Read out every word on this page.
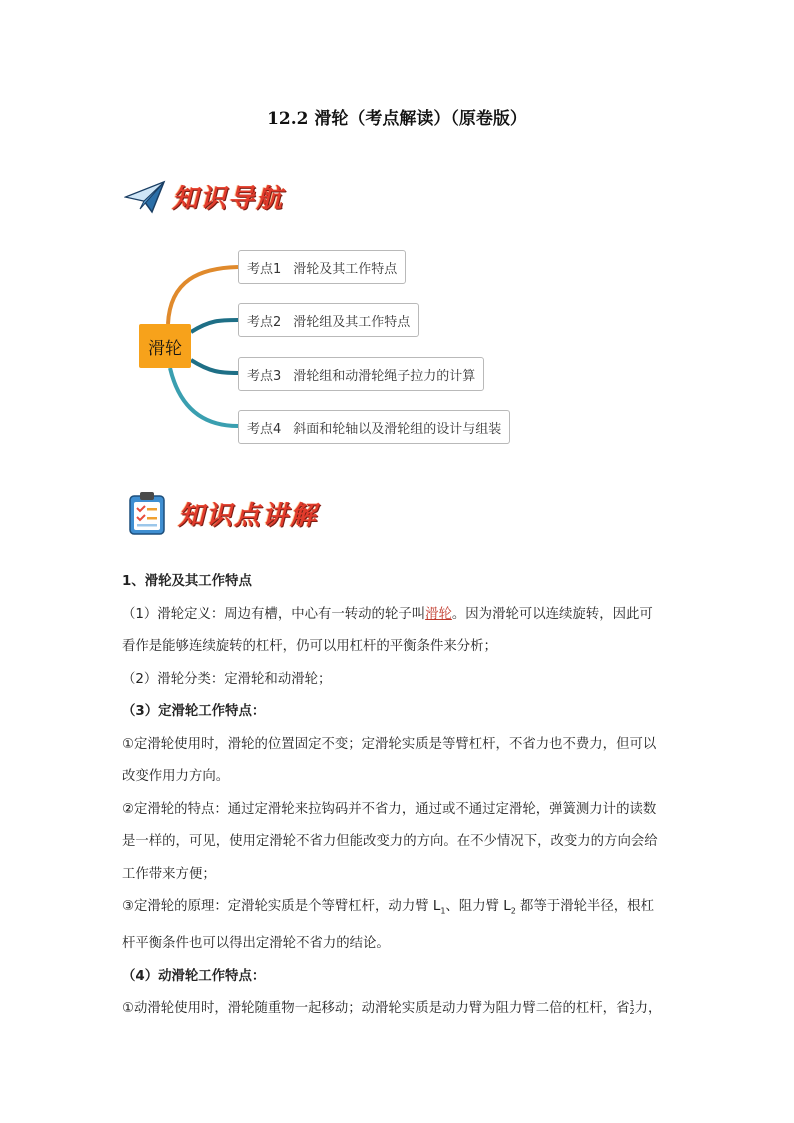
12.2 滑轮（考点解读）（原卷版）
知识导航
滑轮
考点1 滑轮及其工作特点
考点2 滑轮组及其工作特点
考点3 滑轮组和动滑轮绳子拉力的计算
考点4 斜面和轮轴以及滑轮组的设计与组装
知识点讲解

1、滑轮及其工作特点

（1）滑轮定义：周边有槽，中心有一转动的轮子叫滑轮。因为滑轮可以连续旋转，因此可

看作是能够连续旋转的杠杆，仍可以用杠杆的平衡条件来分析；

（2）滑轮分类：定滑轮和动滑轮；

（3）定滑轮工作特点：

①定滑轮使用时，滑轮的位置固定不变；定滑轮实质是等臂杠杆，不省力也不费力，但可以

改变作用力方向。

②定滑轮的特点：通过定滑轮来拉钩码并不省力，通过或不通过定滑轮，弹簧测力计的读数

是一样的，可见，使用定滑轮不省力但能改变力的方向。在不少情况下，改变力的方向会给

工作带来方便；

③定滑轮的原理：定滑轮实质是个等臂杠杆，动力臂 $L_1$、阻力臂 $L_2$ 都等于滑轮半径，根杠

杆平衡条件也可以得出定滑轮不省力的结论。

（4）动滑轮工作特点：

①动滑轮使用时，滑轮随重物一起移动；动滑轮实质是动力臂为阻力臂二倍的杠杆，省 1
2 力，
